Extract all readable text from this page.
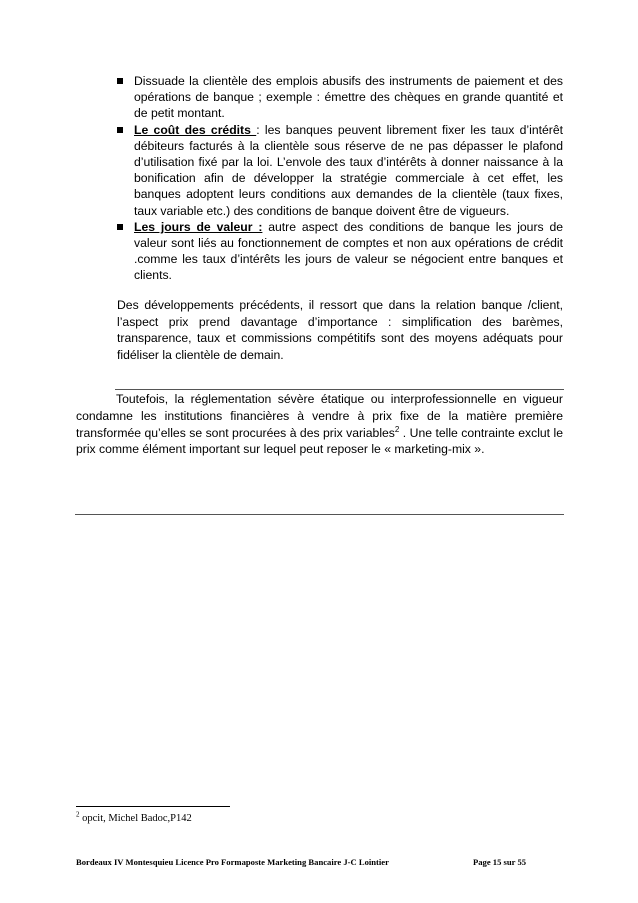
Dissuade la clientèle des emplois abusifs des instruments de paiement et des opérations de banque ; exemple : émettre des chèques en grande quantité et de petit montant.
Le coût des crédits : les banques peuvent librement fixer les taux d’intérêt débiteurs facturés à la clientèle sous réserve de ne pas dépasser le plafond d’utilisation fixé par la loi. L’envole des taux d’intérêts à donner naissance à la bonification afin de développer la stratégie commerciale à cet effet, les banques adoptent leurs conditions aux demandes de la clientèle (taux fixes, taux variable etc.) des conditions de banque doivent être de vigueurs.
Les jours de valeur : autre aspect des conditions de banque les jours de valeur sont liés au fonctionnement de comptes et non aux opérations de crédit .comme les taux d’intérêts les jours de valeur se négocient entre banques et clients.

Des développements précédents, il ressort que dans la relation banque /client, l’aspect prix prend davantage d’importance : simplification des barèmes, transparence, taux et commissions compétitifs sont des moyens adéquats pour fidéliser la clientèle de demain.

Toutefois, la réglementation sévère étatique ou interprofessionnelle en vigueur condamne les institutions financières à vendre à prix fixe de la matière première transformée qu’elles se sont procurées à des prix variables$^2$ . Une telle contrainte exclut le prix comme élément important sur lequel peut reposer le « marketing-mix ».

$^2$ opcit, Michel Badoc,P142

Bordeaux IV Montesquieu Licence Pro Formaposte Marketing Bancaire J-C Lointier	Page 15 sur 55
